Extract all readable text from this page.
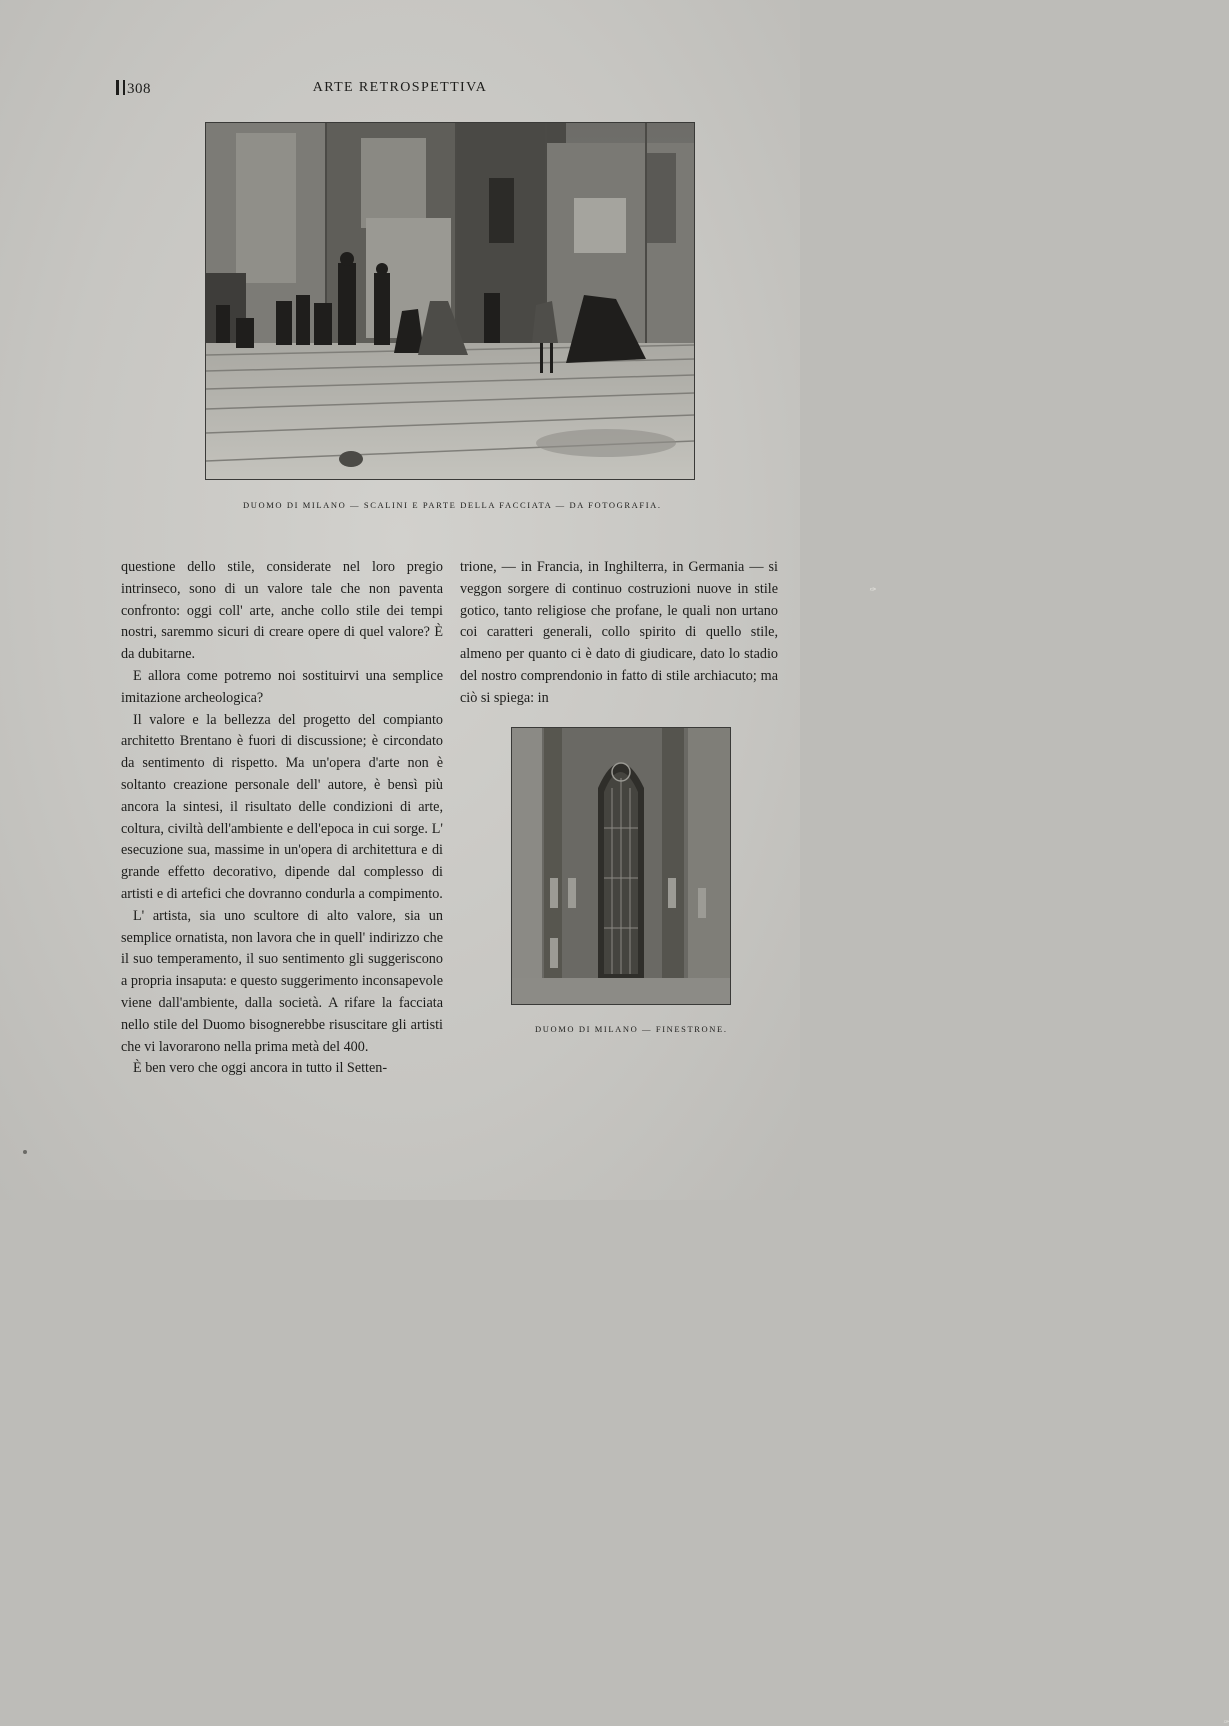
308	ARTE RETROSPETTIVA
✑
DUOMO DI MILANO — SCALINI E PARTE DELLA FACCIATA — DA FOTOGRAFIA.

questione dello stile, considerate nel loro pregio intrinseco, sono di un valore tale che non paventa confronto: oggi coll' arte, anche collo stile dei tempi nostri, saremmo sicuri di creare opere di quel valore? È da dubitarne.

E allora come potremo noi sostituirvi una semplice imitazione archeologica?

Il valore e la bellezza del progetto del compianto architetto Brentano è fuori di discussione; è circondato da sentimento di rispetto. Ma un'opera d'arte non è soltanto creazione personale dell' autore, è bensì più ancora la sintesi, il risultato delle condizioni di arte, coltura, civiltà dell'ambiente e dell'epoca in cui sorge. L' esecuzione sua, massime in un'opera di architettura e di grande effetto decorativo, dipende dal complesso di artisti e di artefici che dovranno condurla a compimento.

L' artista, sia uno scultore di alto valore, sia un semplice ornatista, non lavora che in quell' indirizzo che il suo temperamento, il suo sentimento gli suggeriscono a propria insaputa: e questo suggerimento inconsapevole viene dall'ambiente, dalla società. A rifare la facciata nello stile del Duomo bisognerebbe risuscitare gli artisti che vi lavorarono nella prima metà del 400.

È ben vero che oggi ancora in tutto il Setten-

trione, — in Francia, in Inghilterra, in Germania — si veggon sorgere di continuo costruzioni nuove in stile gotico, tanto religiose che profane, le quali non urtano coi caratteri generali, collo spirito di quello stile, almeno per quanto ci è dato di giudicare, dato lo stadio del nostro comprendonio in fatto di stile archiacuto; ma ciò si spiega: in

✑
DUOMO DI MILANO — FINESTRONE.
